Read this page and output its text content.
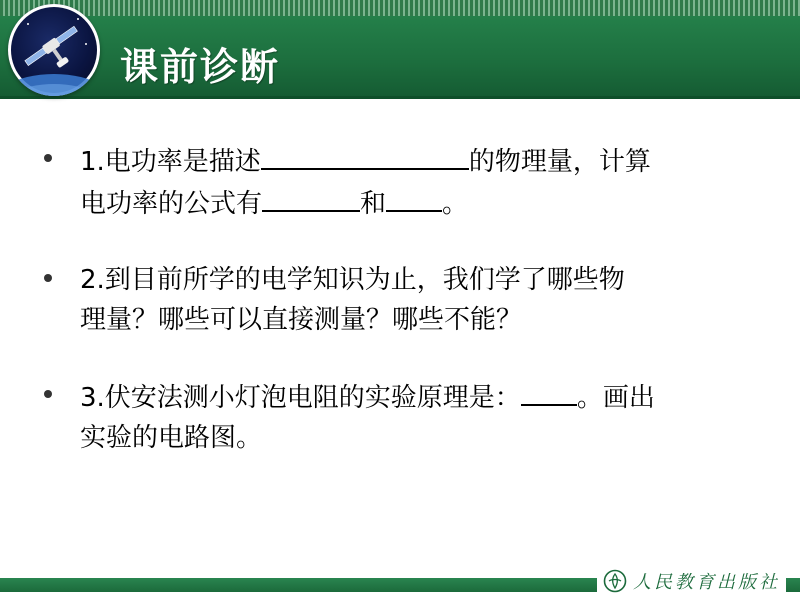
课前诊断
1.电功率是描述	的物理量，计算
电功率的公式有	和 。
2.到目前所学的电学知识为止，我们学了哪些物
理量？哪些可以直接测量？哪些不能？
3.伏安法测小灯泡电阻的实验原理是： 。画出
实验的电路图。
人民教育出版社
